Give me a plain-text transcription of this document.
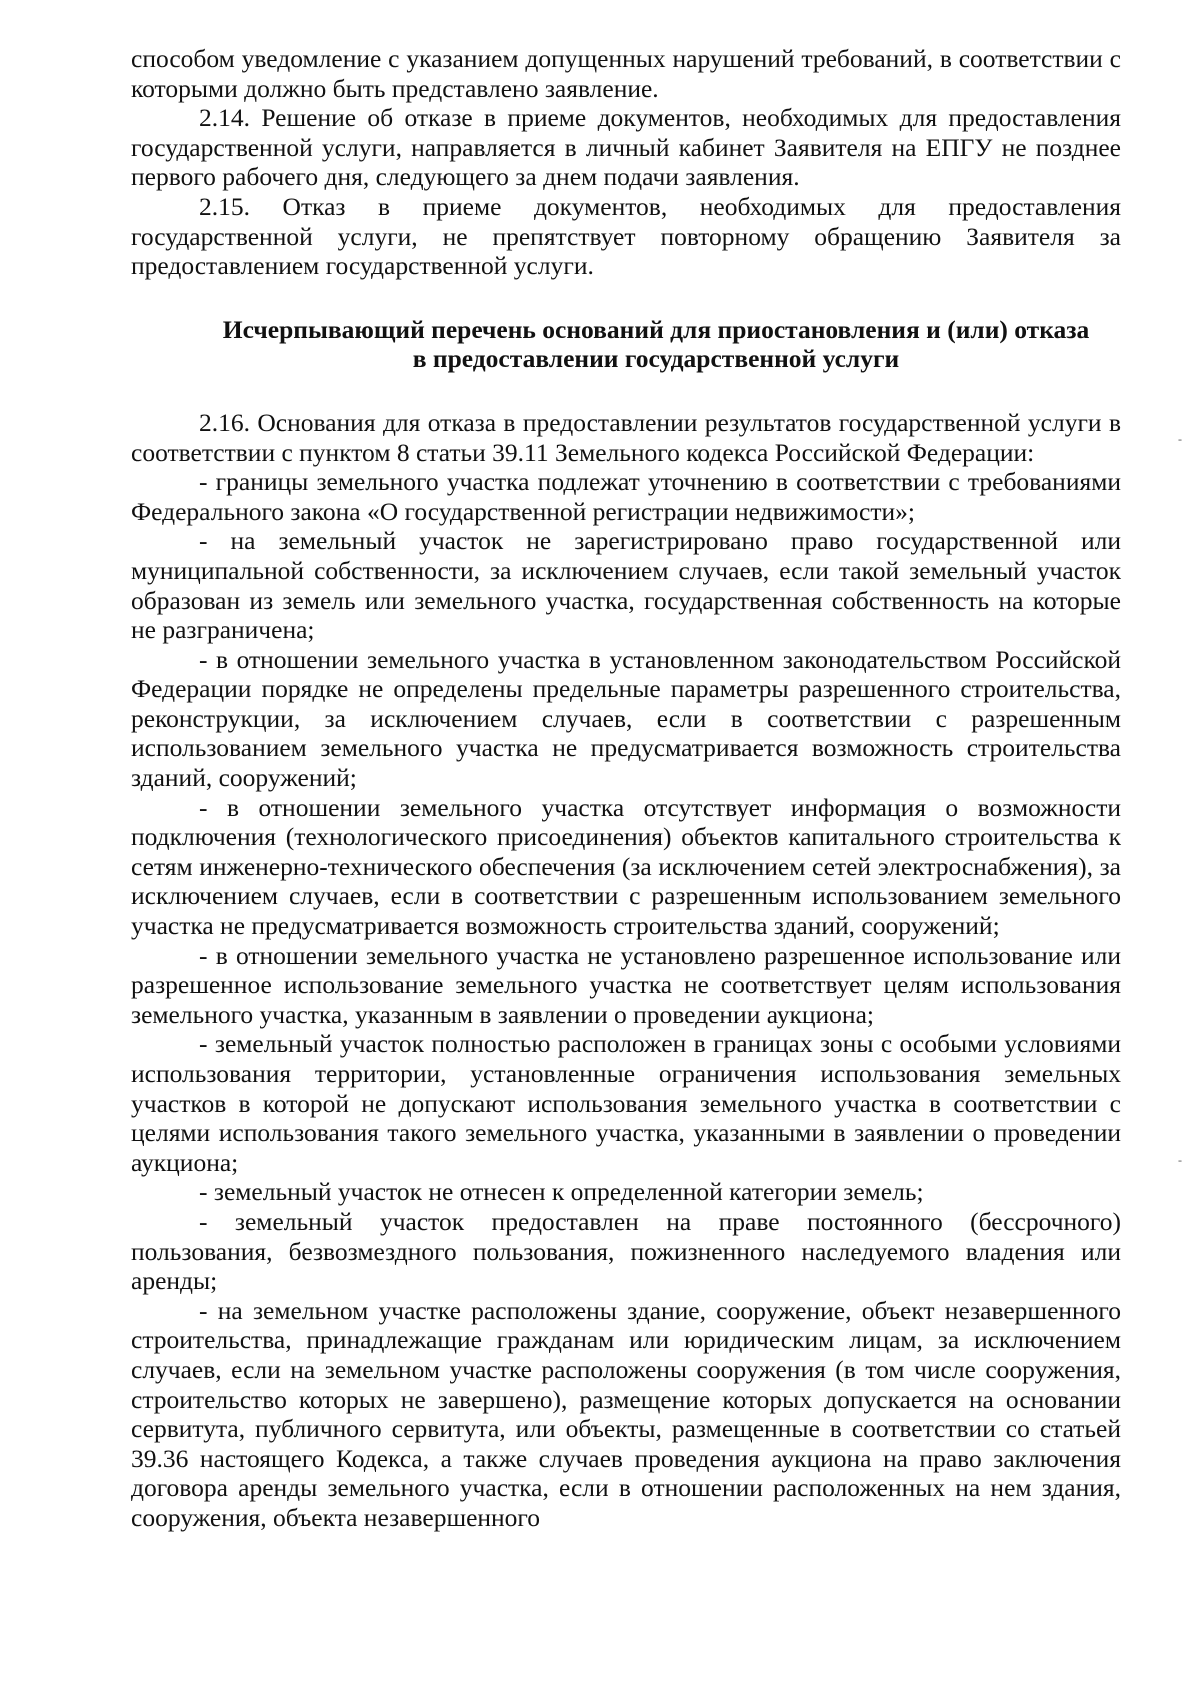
способом уведомление с указанием допущенных нарушений требований, в соответствии с которыми должно быть представлено заявление.

2.14. Решение об отказе в приеме документов, необходимых для предоставления государственной услуги, направляется в личный кабинет Заявителя на ЕПГУ не позднее первого рабочего дня, следующего за днем подачи заявления.

2.15. Отказ в приеме документов, необходимых для предоставления государственной услуги, не препятствует повторному обращению Заявителя за предоставлением государственной услуги.

Исчерпывающий перечень оснований для приостановления и (или) отказа
в предоставлении государственной услуги

2.16. Основания для отказа в предоставлении результатов государственной услуги в соответствии с пунктом 8 статьи 39.11 Земельного кодекса Российской Федерации:

- границы земельного участка подлежат уточнению в соответствии с требованиями Федерального закона «О государственной регистрации недвижимости»;

- на земельный участок не зарегистрировано право государственной или муниципальной собственности, за исключением случаев, если такой земельный участок образован из земель или земельного участка, государственная собственность на которые не разграничена;

- в отношении земельного участка в установленном законодательством Российской Федерации порядке не определены предельные параметры разрешенного строительства, реконструкции, за исключением случаев, если в соответствии с разрешенным использованием земельного участка не предусматривается возможность строительства зданий, сооружений;

- в отношении земельного участка отсутствует информация о возможности подключения (технологического присоединения) объектов капитального строительства к сетям инженерно-технического обеспечения (за исключением сетей электроснабжения), за исключением случаев, если в соответствии с разрешенным использованием земельного участка не предусматривается возможность строительства зданий, сооружений;

- в отношении земельного участка не установлено разрешенное использование или разрешенное использование земельного участка не соответствует целям использования земельного участка, указанным в заявлении о проведении аукциона;

- земельный участок полностью расположен в границах зоны с особыми условиями использования территории, установленные ограничения использования земельных участков в которой не допускают использования земельного участка в соответствии с целями использования такого земельного участка, указанными в заявлении о проведении аукциона;

- земельный участок не отнесен к определенной категории земель;

- земельный участок предоставлен на праве постоянного (бессрочного) пользования, безвозмездного пользования, пожизненного наследуемого владения или аренды;

- на земельном участке расположены здание, сооружение, объект незавершенного строительства, принадлежащие гражданам или юридическим лицам, за исключением случаев, если на земельном участке расположены сооружения (в том числе сооружения, строительство которых не завершено), размещение которых допускается на основании сервитута, публичного сервитута, или объекты, размещенные в соответствии со статьей 39.36 настоящего Кодекса, а также случаев проведения аукциона на право заключения договора аренды земельного участка, если в отношении расположенных на нем здания, сооружения, объекта незавершенного

-
-
